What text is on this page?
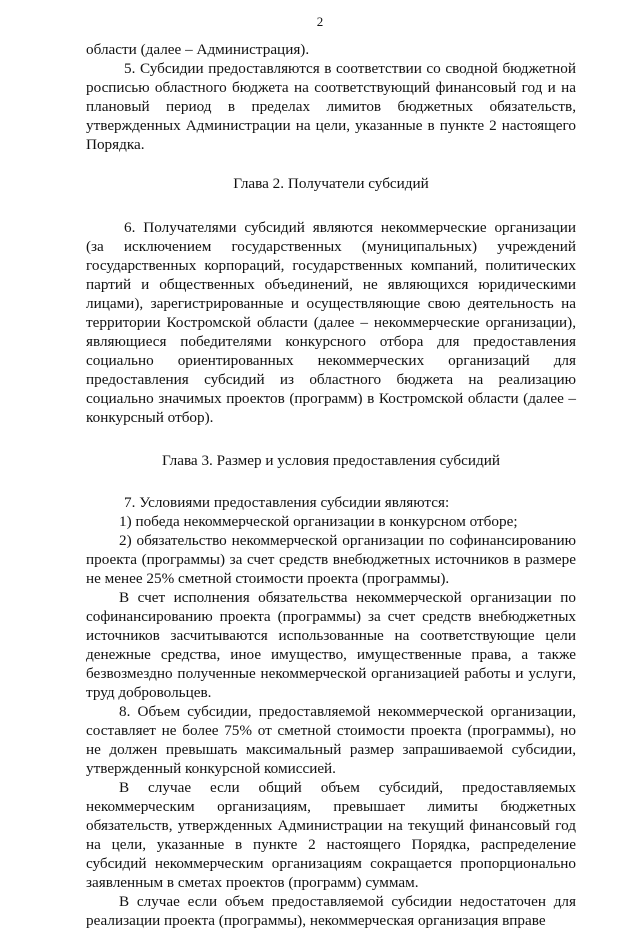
2

области (далее – Администрация).

5. Субсидии предоставляются в соответствии со сводной бюджетной росписью областного бюджета на соответствующий финансовый год и на плановый период в пределах лимитов бюджетных обязательств, утвержденных Администрации на цели, указанные в пункте 2 настоящего Порядка.

Глава 2. Получатели субсидий

6. Получателями субсидий являются некоммерческие организации (за исключением государственных (муниципальных) учреждений государственных корпораций, государственных компаний, политических партий и общественных объединений, не являющихся юридическими лицами), зарегистрированные и осуществляющие свою деятельность на территории Костромской области (далее – некоммерческие организации), являющиеся победителями конкурсного отбора для предоставления социально ориентированных некоммерческих организаций для предоставления субсидий из областного бюджета на реализацию социально значимых проектов (программ) в Костромской области (далее – конкурсный отбор).

Глава 3. Размер и условия предоставления субсидий

7. Условиями предоставления субсидии являются:

1) победа некоммерческой организации в конкурсном отборе;

2) обязательство некоммерческой организации по софинансированию проекта (программы) за счет средств внебюджетных источников в размере не менее 25% сметной стоимости проекта (программы).

В счет исполнения обязательства некоммерческой организации по софинансированию проекта (программы) за счет средств внебюджетных источников засчитываются использованные на соответствующие цели денежные средства, иное имущество, имущественные права, а также безвозмездно полученные некоммерческой организацией работы и услуги, труд добровольцев.

8. Объем субсидии, предоставляемой некоммерческой организации, составляет не более 75% от сметной стоимости проекта (программы), но не должен превышать максимальный размер запрашиваемой субсидии, утвержденный конкурсной комиссией.

В случае если общий объем субсидий, предоставляемых некоммерческим организациям, превышает лимиты бюджетных обязательств, утвержденных Администрации на текущий финансовый год на цели, указанные в пункте 2 настоящего Порядка, распределение субсидий некоммерческим организациям сокращается пропорционально заявленным в сметах проектов (программ) суммам.

В случае если объем предоставляемой субсидии недостаточен для реализации проекта (программы), некоммерческая организация вправе
